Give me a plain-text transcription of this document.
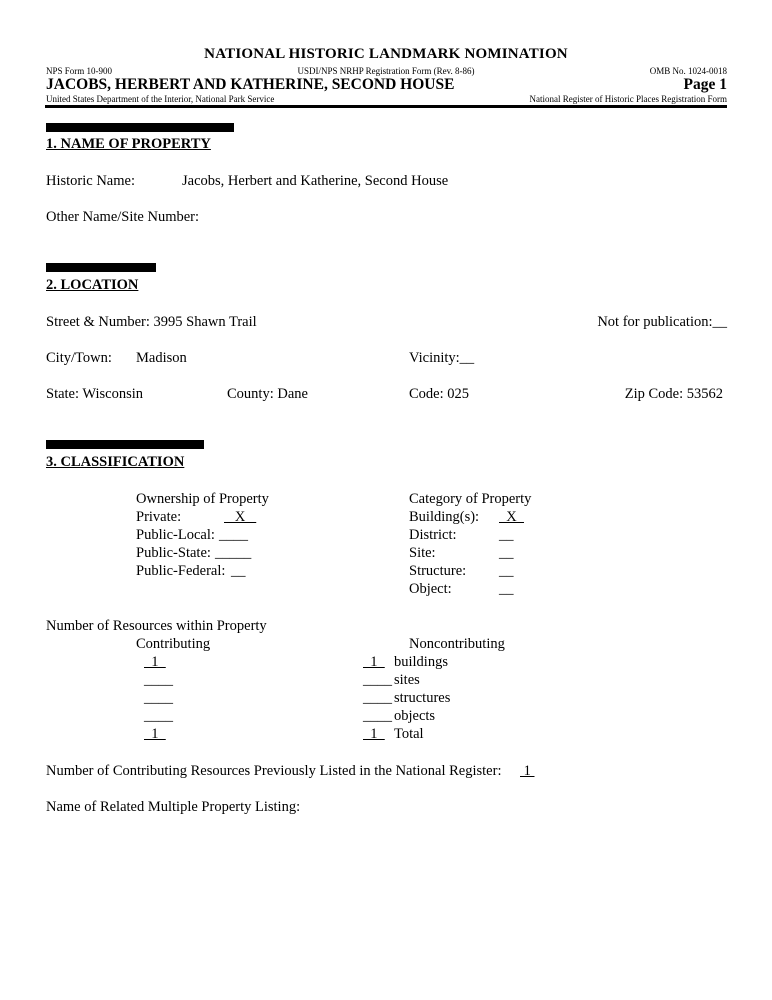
NATIONAL HISTORIC LANDMARK NOMINATION
NPS Form 10-900	USDI/NPS NRHP Registration Form (Rev. 8-86)	OMB No. 1024-0018
JACOBS, HERBERT AND KATHERINE, SECOND HOUSE	Page 1
United States Department of the Interior, National Park Service	National Register of Historic Places Registration Form
1. NAME OF PROPERTY
Historic Name:	Jacobs, Herbert and Katherine, Second House
Other Name/Site Number:
2. LOCATION
Street & Number: 3995 Shawn Trail	Not for publication:__
City/Town: Madison	Vicinity:__
State: Wisconsin	County: Dane	Code: 025	Zip Code: 53562
3. CLASSIFICATION
Ownership of Property
Private:	X
Public-Local: ____
Public-State: _____
Public-Federal: __
Category of Property
Building(s): X
District:	__
Site:	__
Structure: __
Object:	__
Number of Resources within Property
Contributing	Noncontributing
1	1 buildings
____	____ sites
____	____ structures
____	____ objects
1	1 Total
Number of Contributing Resources Previously Listed in the National Register: 1
Name of Related Multiple Property Listing:
